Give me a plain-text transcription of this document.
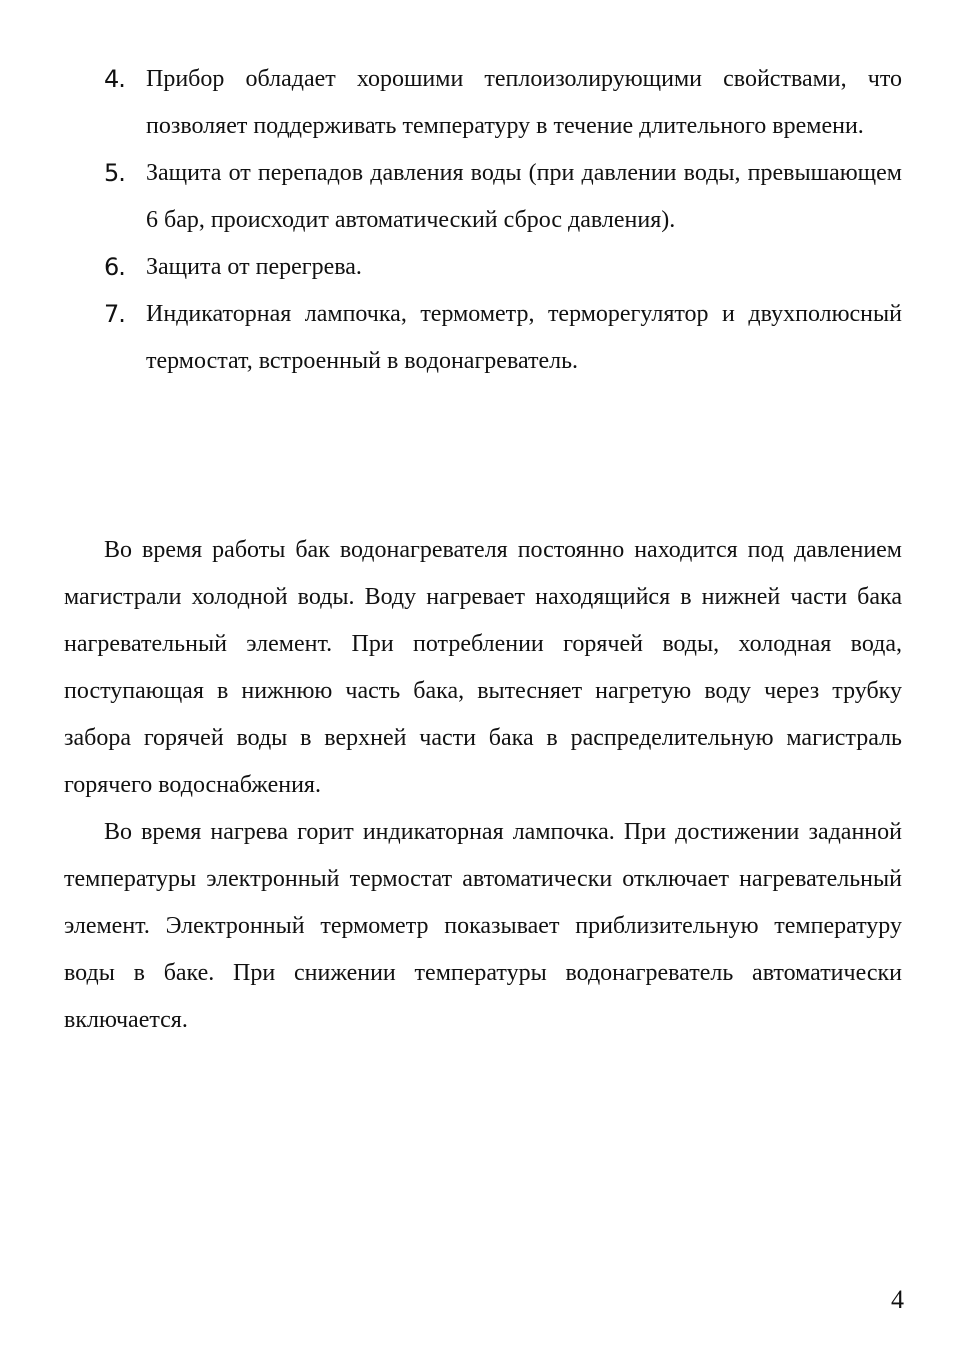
4. Прибор обладает хорошими теплоизолирующими свойствами, что позволяет поддерживать температуру в течение длительного времени.
5. Защита от перепадов давления воды (при давлении воды, превышающем 6 бар, происходит автоматический сброс давления).
6. Защита от перегрева.
7. Индикаторная лампочка, термометр, терморегулятор и двухполюсный термостат, встроенный в водонагреватель.

Во время работы бак водонагревателя постоянно находится под давлением магистрали холодной воды. Воду нагревает находящийся в нижней части бака нагревательный элемент. При потреблении горячей воды, холодная вода, поступающая в нижнюю часть бака, вытесняет нагретую воду через трубку забора горячей воды в верхней части бака в распределительную магистраль горячего водоснабжения.

Во время нагрева горит индикаторная лампочка. При достижении заданной температуры электронный термостат автоматически отключает нагревательный элемент. Электронный термометр показывает приблизительную температуру воды в баке. При снижении температуры водонагреватель автоматически включается.

4
